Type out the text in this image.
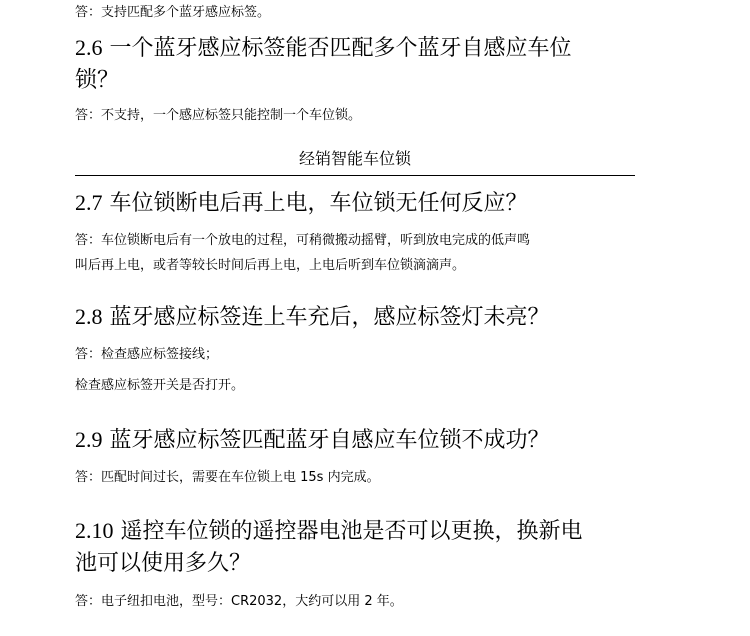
答：支持匹配多个蓝牙感应标签。

2.6 一个蓝牙感应标签能否匹配多个蓝牙自感应车位
锁？

答：不支持，一个感应标签只能控制一个车位锁。

经销智能车位锁

2.7 车位锁断电后再上电，车位锁无任何反应？

答：车位锁断电后有一个放电的过程，可稍微搬动摇臂，听到放电完成的低声鸣

叫后再上电，或者等较长时间后再上电，上电后听到车位锁滴滴声。

2.8 蓝牙感应标签连上车充后，感应标签灯未亮？

答：检查感应标签接线；

检查感应标签开关是否打开。

2.9 蓝牙感应标签匹配蓝牙自感应车位锁不成功？

答：匹配时间过长，需要在车位锁上电 15s 内完成。

2.10 遥控车位锁的遥控器电池是否可以更换，换新电
池可以使用多久？

答：电子纽扣电池，型号：CR2032，大约可以用 2 年。
